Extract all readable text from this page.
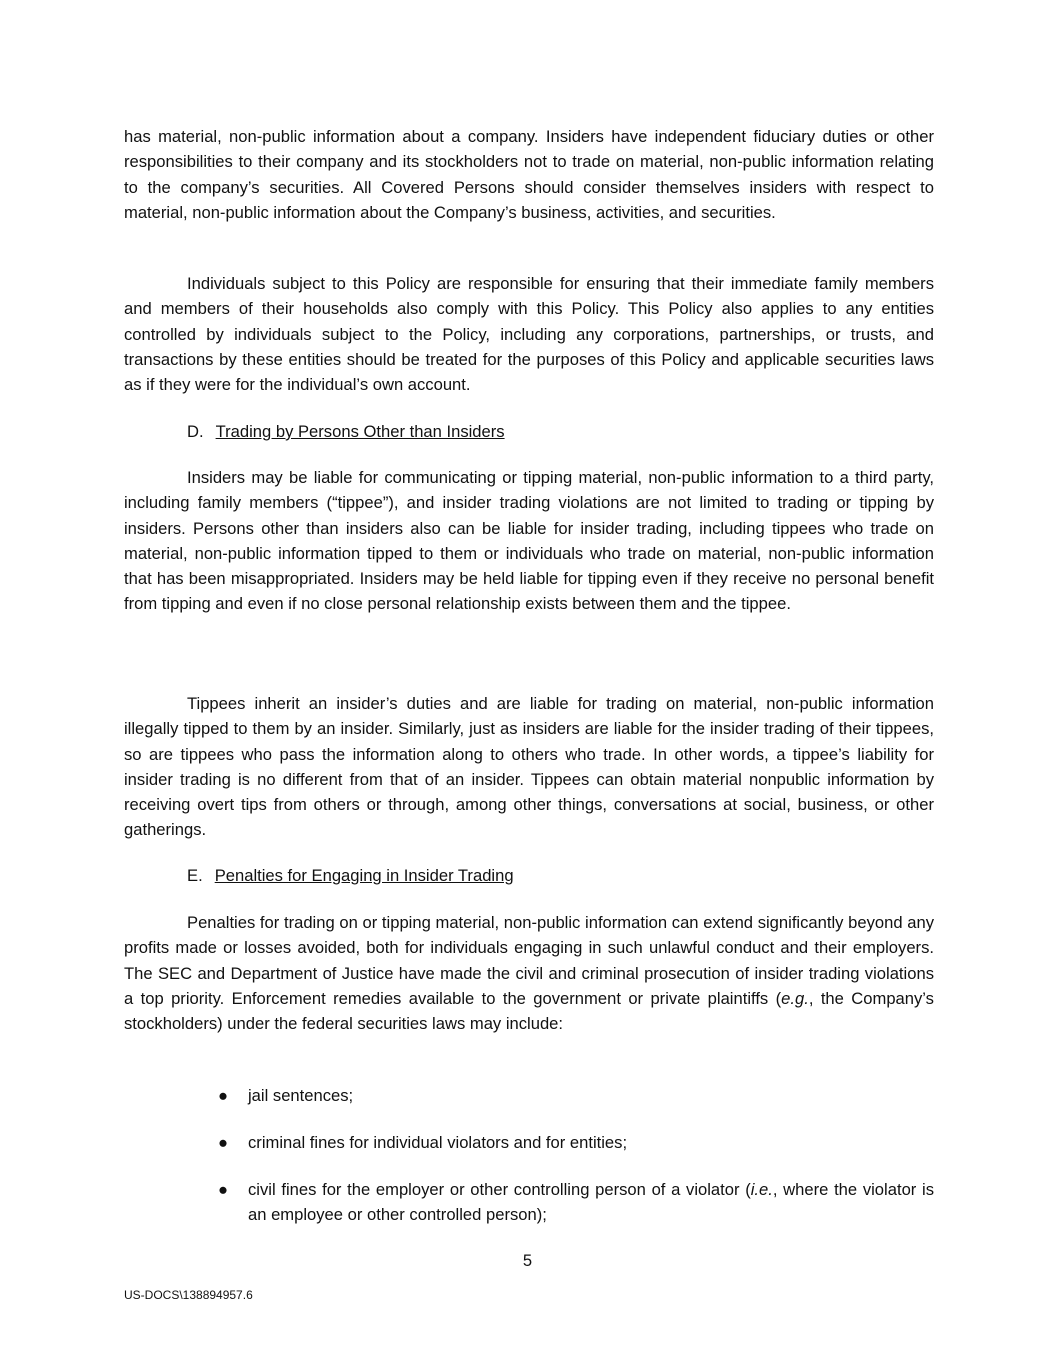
has material, non-public information about a company. Insiders have independent fiduciary duties or other responsibilities to their company and its stockholders not to trade on material, non-public information relating to the company’s securities. All Covered Persons should consider themselves insiders with respect to material, non-public information about the Company’s business, activities, and securities.
Individuals subject to this Policy are responsible for ensuring that their immediate family members and members of their households also comply with this Policy. This Policy also applies to any entities controlled by individuals subject to the Policy, including any corporations, partnerships, or trusts, and transactions by these entities should be treated for the purposes of this Policy and applicable securities laws as if they were for the individual’s own account.
D. Trading by Persons Other than Insiders
Insiders may be liable for communicating or tipping material, non-public information to a third party, including family members (“tippee”), and insider trading violations are not limited to trading or tipping by insiders. Persons other than insiders also can be liable for insider trading, including tippees who trade on material, non-public information tipped to them or individuals who trade on material, non-public information that has been misappropriated. Insiders may be held liable for tipping even if they receive no personal benefit from tipping and even if no close personal relationship exists between them and the tippee.
Tippees inherit an insider’s duties and are liable for trading on material, non-public information illegally tipped to them by an insider. Similarly, just as insiders are liable for the insider trading of their tippees, so are tippees who pass the information along to others who trade. In other words, a tippee’s liability for insider trading is no different from that of an insider. Tippees can obtain material nonpublic information by receiving overt tips from others or through, among other things, conversations at social, business, or other gatherings.
E. Penalties for Engaging in Insider Trading
Penalties for trading on or tipping material, non-public information can extend significantly beyond any profits made or losses avoided, both for individuals engaging in such unlawful conduct and their employers. The SEC and Department of Justice have made the civil and criminal prosecution of insider trading violations a top priority. Enforcement remedies available to the government or private plaintiffs (e.g., the Company’s stockholders) under the federal securities laws may include:
● jail sentences;
● criminal fines for individual violators and for entities;
● civil fines for the employer or other controlling person of a violator (i.e., where the violator is an employee or other controlled person);
5
US-DOCS\138894957.6
